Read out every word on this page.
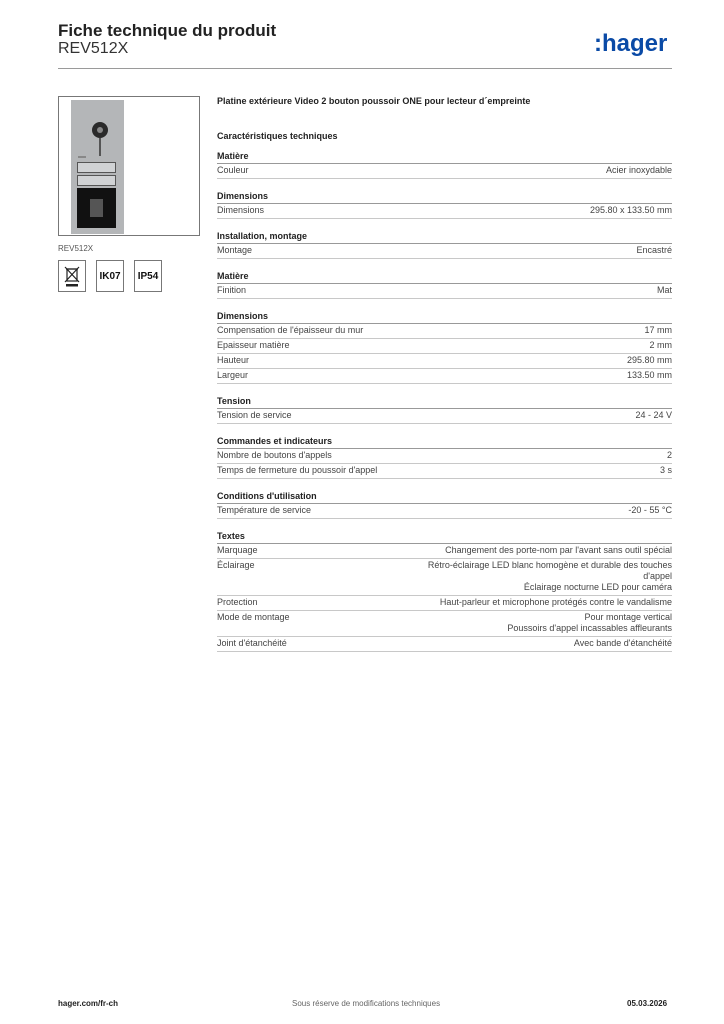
Fiche technique du produit
REV512X	:hager
REV512X
IK07	IP54
Platine extérieure Video 2 bouton poussoir ONE pour lecteur d´empreinte
Caractéristiques techniques
Matière
Couleur	Acier inoxydable
Dimensions
Dimensions	295.80 x 133.50 mm
Installation, montage
Montage	Encastré
Matière
Finition	Mat
Dimensions
Compensation de l'épaisseur du mur	17 mm
Epaisseur matière	2 mm
Hauteur	295.80 mm
Largeur	133.50 mm
Tension
Tension de service	24 - 24 V
Commandes et indicateurs
Nombre de boutons d'appels	2
Temps de fermeture du poussoir d'appel	3 s
Conditions d'utilisation
Température de service	-20 - 55 °C
Textes
Marquage	Changement des porte-nom par l'avant sans outil spécial
Éclairage	Rétro-éclairage LED blanc homogène et durable des touches d'appel
Éclairage nocturne LED pour caméra
Protection	Haut-parleur et microphone protégés contre le vandalisme
Mode de montage	Pour montage vertical
Poussoirs d'appel incassables affleurants
Joint d'étanchéité	Avec bande d'étanchéité
hager.com/fr-ch	Sous réserve de modifications techniques	05.03.2026
